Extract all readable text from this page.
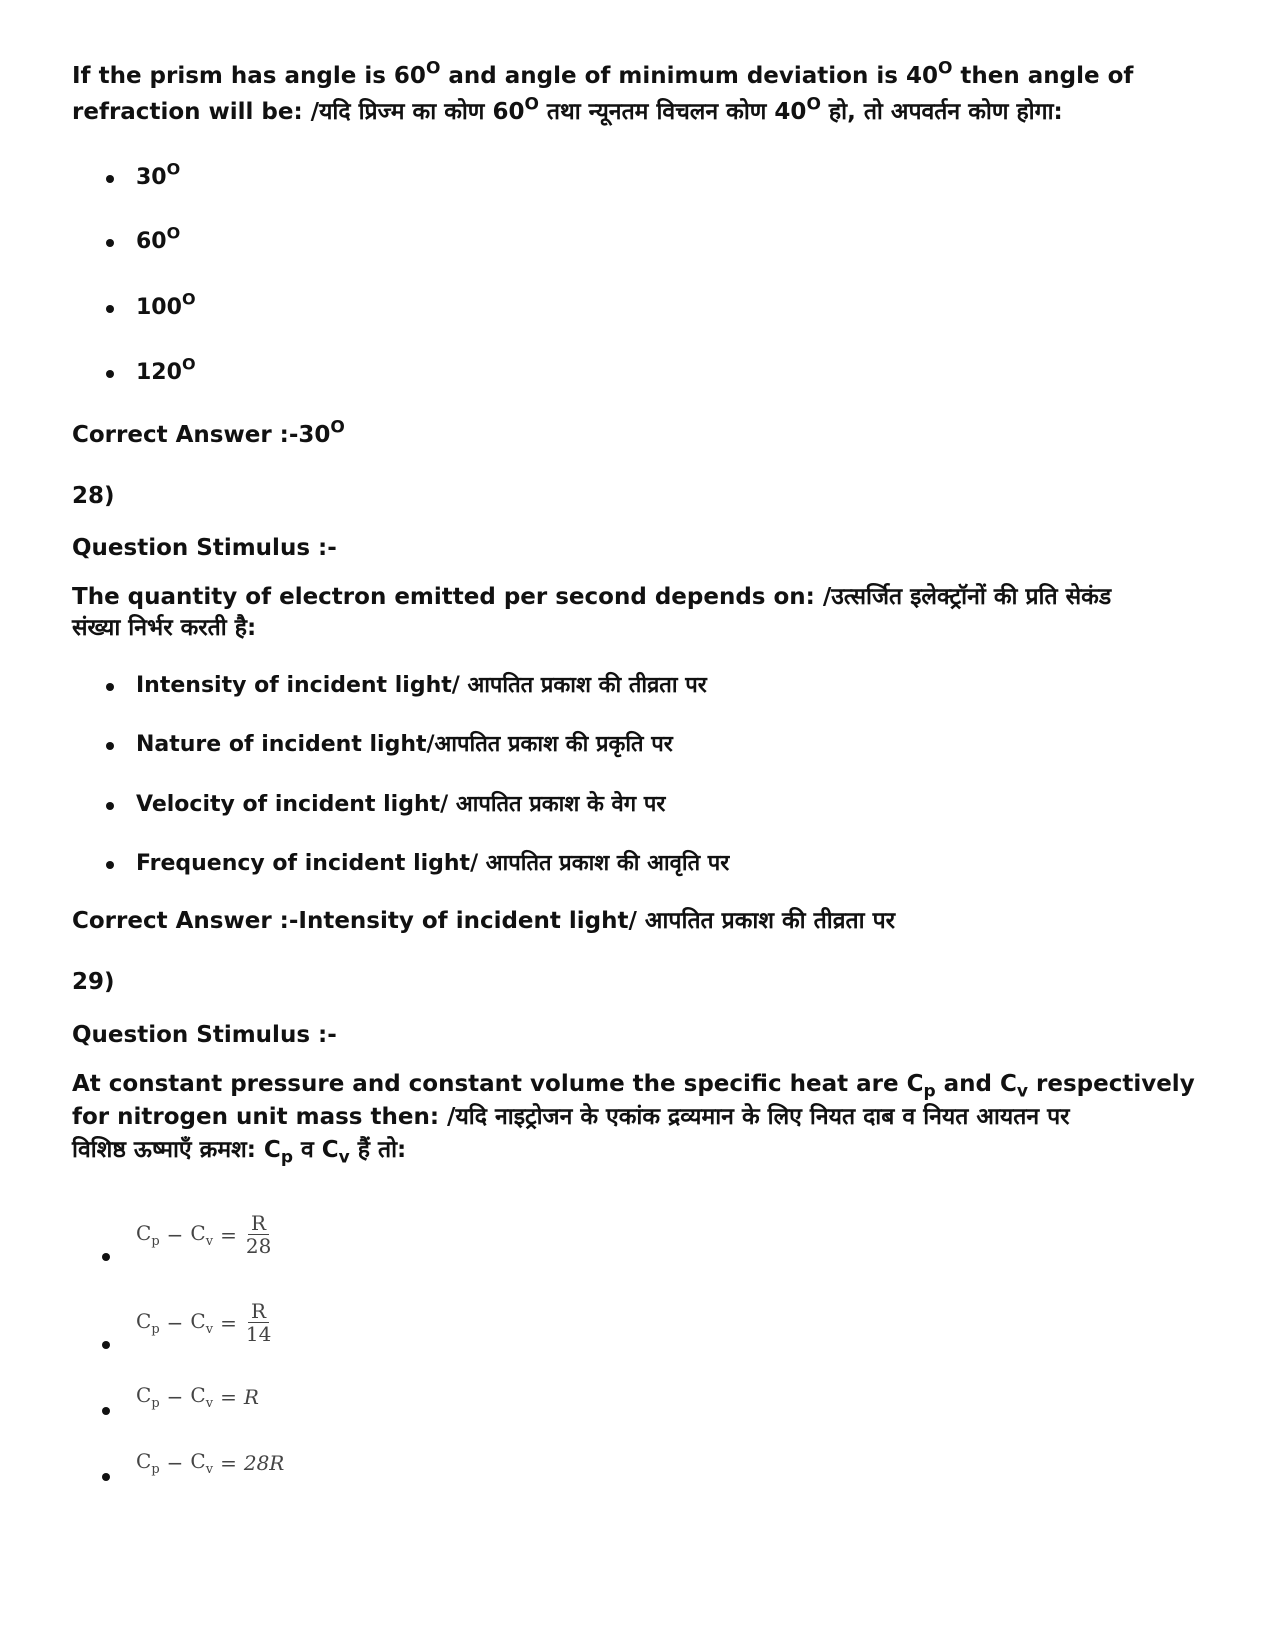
If the prism has angle is $60^O$ and angle of minimum deviation is $40^O$ then angle of
refraction will be: /यदि प्रिज्म का कोण $60^O$ तथा न्यूनतम विचलन कोण $40^O$ हो, तो अपवर्तन कोण होगा:

$30^O$
$60^O$
$100^O$
$120^O$

Correct Answer $:-30^O$

28)

Question Stimulus :-

The quantity of electron emitted per second depends on: /उत्सर्जित इलेक्ट्रॉनों की प्रति सेकंड
संख्या निर्भर करती है:

Intensity of incident light/ आपतित प्रकाश की तीव्रता पर
Nature of incident light/आपतित प्रकाश की प्रकृति पर
Velocity of incident light/ आपतित प्रकाश के वेग पर
Frequency of incident light/ आपतित प्रकाश की आवृति पर

Correct Answer :-Intensity of incident light/ आपतित प्रकाश की तीव्रता पर

29)

Question Stimulus :-

At constant pressure and constant volume the specific heat are $C_p$ and $C_v$ respectively
for nitrogen unit mass then: /यदि नाइट्रोजन के एकांक द्रव्यमान के लिए नियत दाब व नियत आयतन पर
विशिष्ठ ऊष्माएँ क्रमश: $C_p$ व $C_v$ हैं तो:

$C_p - C_v = \frac{R}{28}$
$C_p - C_v = \frac{R}{14}$
$C_p - C_v = R$
$C_p - C_v = 28R$
